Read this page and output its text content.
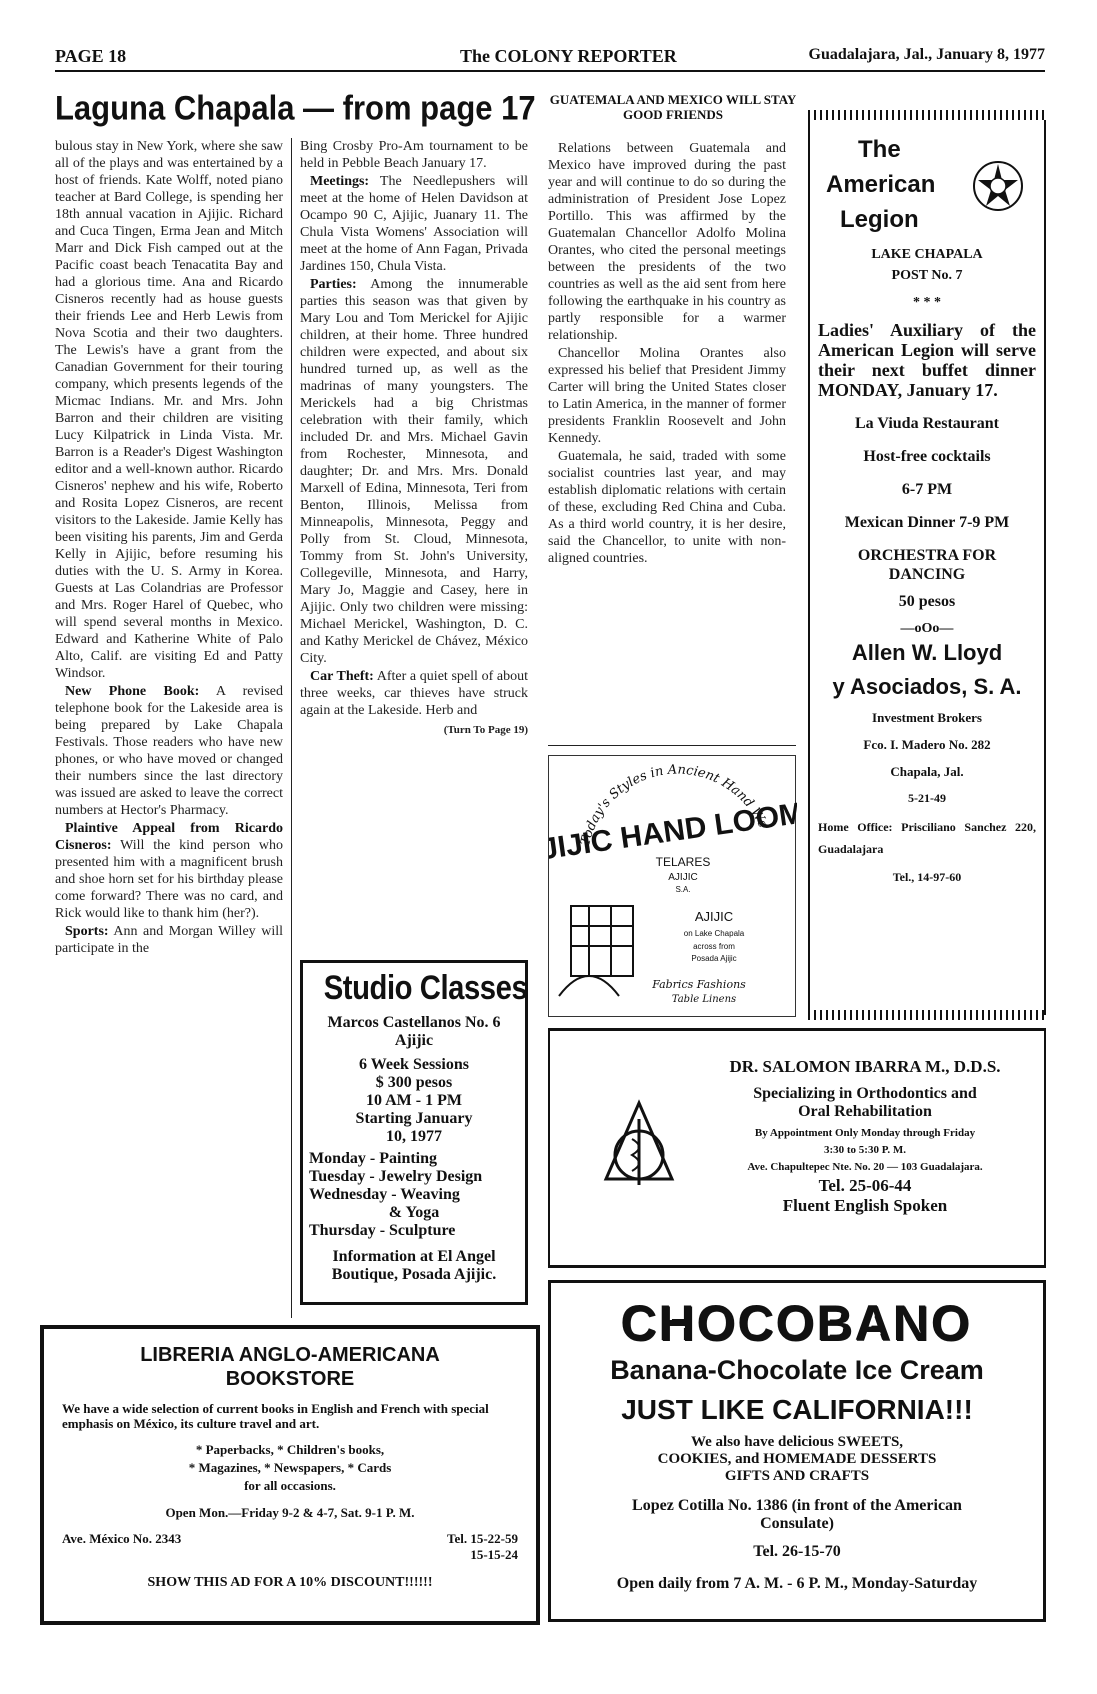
PAGE 18	The COLONY REPORTER	Guadalajara, Jal., January 8, 1977
Laguna Chapala — from page 17

bulous stay in New York, where she saw all of the plays and was entertained by a host of friends. Kate Wolff, noted piano teacher at Bard College, is spending her 18th annual vacation in Ajijic. Richard and Cuca Tingen, Erma Jean and Mitch Marr and Dick Fish camped out at the Pacific coast beach Tenacatita Bay and had a glorious time. Ana and Ricardo Cisneros recently had as house guests their friends Lee and Herb Lewis from Nova Scotia and their two daughters. The Lewis's have a grant from the Canadian Government for their touring company, which presents legends of the Micmac Indians. Mr. and Mrs. John Barron and their children are visiting Lucy Kilpatrick in Linda Vista. Mr. Barron is a Reader's Digest Washington editor and a well-known author. Ricardo Cisneros' nephew and his wife, Roberto and Rosita Lopez Cisneros, are recent visitors to the Lakeside. Jamie Kelly has been visiting his parents, Jim and Gerda Kelly in Ajijic, before resuming his duties with the U. S. Army in Korea. Guests at Las Colandrias are Professor and Mrs. Roger Harel of Quebec, who will spend several months in Mexico. Edward and Katherine White of Palo Alto, Calif. are visiting Ed and Patty Windsor.

New Phone Book: A revised telephone book for the Lakeside area is being prepared by Lake Chapala Festivals. Those readers who have new phones, or who have moved or changed their numbers since the last directory was issued are asked to leave the correct numbers at Hector's Pharmacy.

Plaintive Appeal from Ricardo Cisneros: Will the kind person who presented him with a magnificent brush and shoe horn set for his birthday please come forward? There was no card, and Rick would like to thank him (her?).

Sports: Ann and Morgan Willey will participate in the

Bing Crosby Pro-Am tournament to be held in Pebble Beach January 17.

Meetings: The Needlepushers will meet at the home of Helen Davidson at Ocampo 90 C, Ajijic, Juanary 11. The Chula Vista Womens' Association will meet at the home of Ann Fagan, Privada Jardines 150, Chula Vista.

Parties: Among the innumerable parties this season was that given by Mary Lou and Tom Merickel for Ajijic children, at their home. Three hundred children were expected, and about six hundred turned up, as well as the madrinas of many youngsters. The Merickels had a big Christmas celebration with their family, which included Dr. and Mrs. Michael Gavin from Rochester, Minnesota, and daughter; Dr. and Mrs. Mrs. Donald Marxell of Edina, Minnesota, Teri from Benton, Illinois, Melissa from Minneapolis, Minnesota, Peggy and Polly from St. Cloud, Minnesota, Tommy from St. John's University, Collegeville, Minnesota, and Harry, Mary Jo, Maggie and Casey, here in Ajijic. Only two children were missing: Michael Merickel, Washington, D. C. and Kathy Merickel de Chávez, México City.

Car Theft: After a quiet spell of about three weeks, car thieves have struck again at the Lakeside. Herb and

(Turn To Page 19)
Studio Classes
Marcos Castellanos No. 6
Ajijic
6 Week Sessions
$ 300 pesos
10 AM - 1 PM
Starting January
10, 1977
Monday - Painting
Tuesday - Jewelry Design
Wednesday - Weaving
& Yoga
Thursday - Sculpture
Information at El Angel Boutique, Posada Ajijic.
GUATEMALA AND MEXICO WILL STAY GOOD FRIENDS

Relations between Guatemala and Mexico have improved during the past year and will continue to do so during the administration of President Jose Lopez Portillo. This was affirmed by the Guatemalan Chancellor Adolfo Molina Orantes, who cited the personal meetings between the presidents of the two countries as well as the aid sent from here following the earthquake in his country as partly responsible for a warmer relationship.

Chancellor Molina Orantes also expressed his belief that President Jimmy Carter will bring the United States closer to Latin America, in the manner of former presidents Franklin Roosevelt and John Kennedy.

Guatemala, he said, traded with some socialist countries last year, and may establish diplomatic relations with certain of these, excluding Red China and Cuba. As a third world country, it is her desire, said the Chancellor, to unite with non-aligned countries.

The
American
Legion
LAKE CHAPALA
POST No. 7
* * *
Ladies' Auxiliary of the American Legion will serve their next buffet dinner MONDAY, January 17.
La Viuda Restaurant
Host-free cocktails
6-7 PM
Mexican Dinner 7-9 PM
ORCHESTRA FOR DANCING
50 pesos
—oOo—
Allen W. Lloyd
y Asociados, S. A.
Investment Brokers
Fco. I. Madero No. 282
Chapala, Jal.
5-21-49
Home Office: Prisciliano Sanchez 220, Guadalajara
Tel., 14-97-60
Today's Styles in Ancient Hand We
AJIJIC HAND LOOMS
TELARES
AJIJIC
S.A.
AJIJIC
on Lake Chapala
across from
Posada Ajijic
Fabrics Fashions
Table Linens
DR. SALOMON IBARRA M., D.D.S.
Specializing in Orthodontics and
Oral Rehabilitation
By Appointment Only Monday through Friday
3:30 to 5:30 P. M.
Ave. Chapultepec Nte. No. 20 — 103 Guadalajara.
Tel. 25-06-44
Fluent English Spoken
CHOCOBANO
Banana-Chocolate Ice Cream
JUST LIKE CALIFORNIA!!!
We also have delicious SWEETS,
COOKIES, and HOMEMADE DESSERTS
GIFTS AND CRAFTS
Lopez Cotilla No. 1386 (in front of the American
Consulate)
Tel. 26-15-70
Open daily from 7 A. M. - 6 P. M., Monday-Saturday
LIBRERIA ANGLO-AMERICANA
BOOKSTORE
We have a wide selection of current books in English and French with special emphasis on México, its culture travel and art.
* Paperbacks, * Children's books,
* Magazines, * Newspapers, * Cards
for all occasions.
Open Mon.—Friday 9-2 & 4-7, Sat. 9-1 P. M.
Ave. México No. 2343	Tel. 15-22-59
15-15-24
SHOW THIS AD FOR A 10% DISCOUNT!!!!!!
